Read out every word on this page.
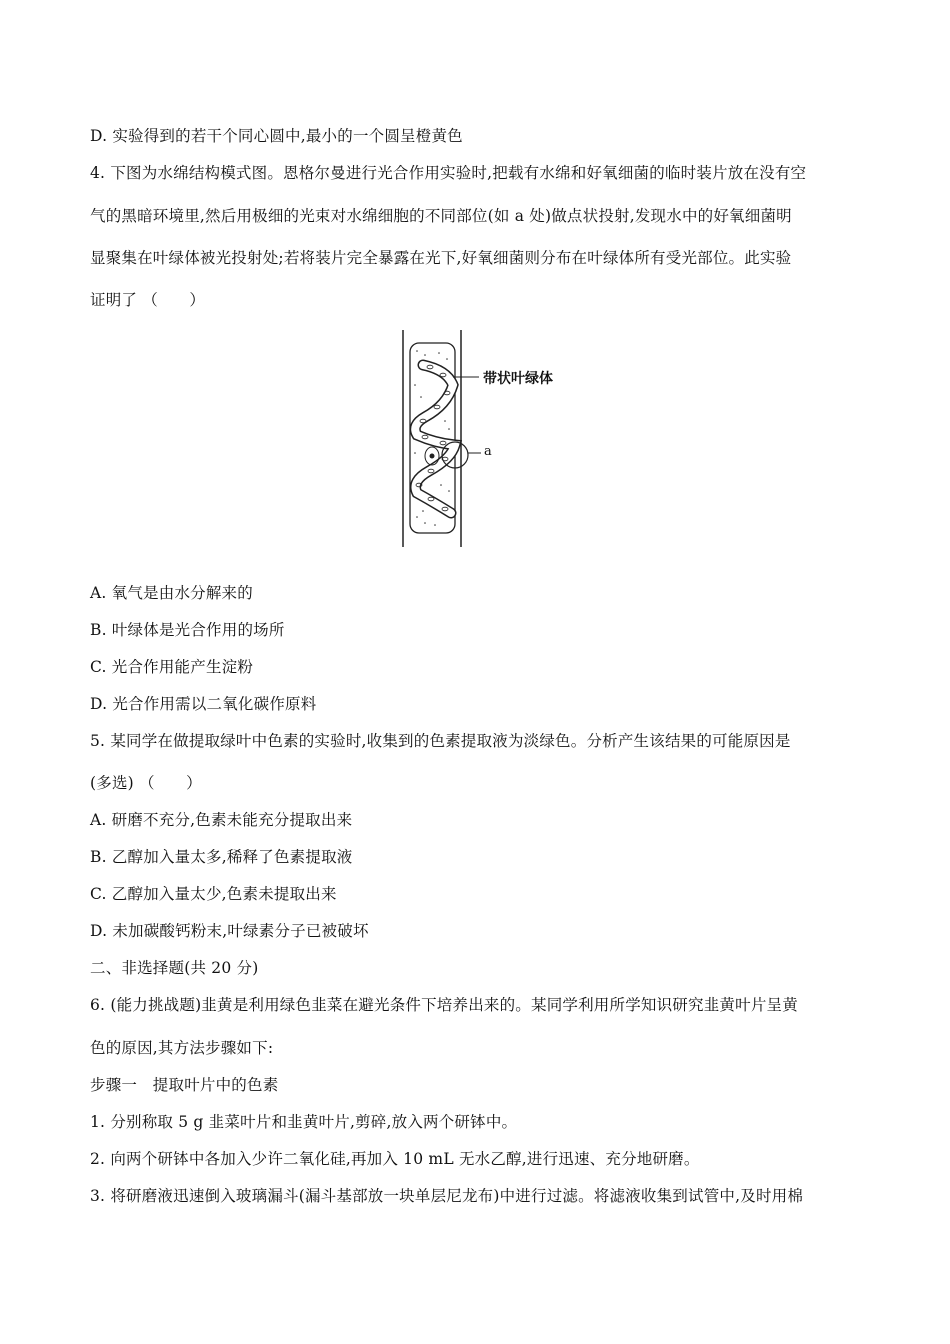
D. 实验得到的若干个同心圆中,最小的一个圆呈橙黄色
4. 下图为水绵结构模式图。恩格尔曼进行光合作用实验时,把载有水绵和好氧细菌的临时装片放在没有空
气的黑暗环境里,然后用极细的光束对水绵细胞的不同部位(如 a 处)做点状投射,发现水中的好氧细菌明
显聚集在叶绿体被光投射处;若将装片完全暴露在光下,好氧细菌则分布在叶绿体所有受光部位。此实验
证明了 （　　）
带状叶绿体
a
A. 氧气是由水分解来的
B. 叶绿体是光合作用的场所
C. 光合作用能产生淀粉
D. 光合作用需以二氧化碳作原料
5. 某同学在做提取绿叶中色素的实验时,收集到的色素提取液为淡绿色。分析产生该结果的可能原因是
(多选) （　　）
A. 研磨不充分,色素未能充分提取出来
B. 乙醇加入量太多,稀释了色素提取液
C. 乙醇加入量太少,色素未提取出来
D. 未加碳酸钙粉末,叶绿素分子已被破坏
二、非选择题(共 20 分)
6. (能力挑战题)韭黄是利用绿色韭菜在避光条件下培养出来的。某同学利用所学知识研究韭黄叶片呈黄
色的原因,其方法步骤如下:
步骤一　提取叶片中的色素
1. 分别称取 5 g 韭菜叶片和韭黄叶片,剪碎,放入两个研钵中。
2. 向两个研钵中各加入少许二氧化硅,再加入 10 mL 无水乙醇,进行迅速、充分地研磨。
3. 将研磨液迅速倒入玻璃漏斗(漏斗基部放一块单层尼龙布)中进行过滤。将滤液收集到试管中,及时用棉
